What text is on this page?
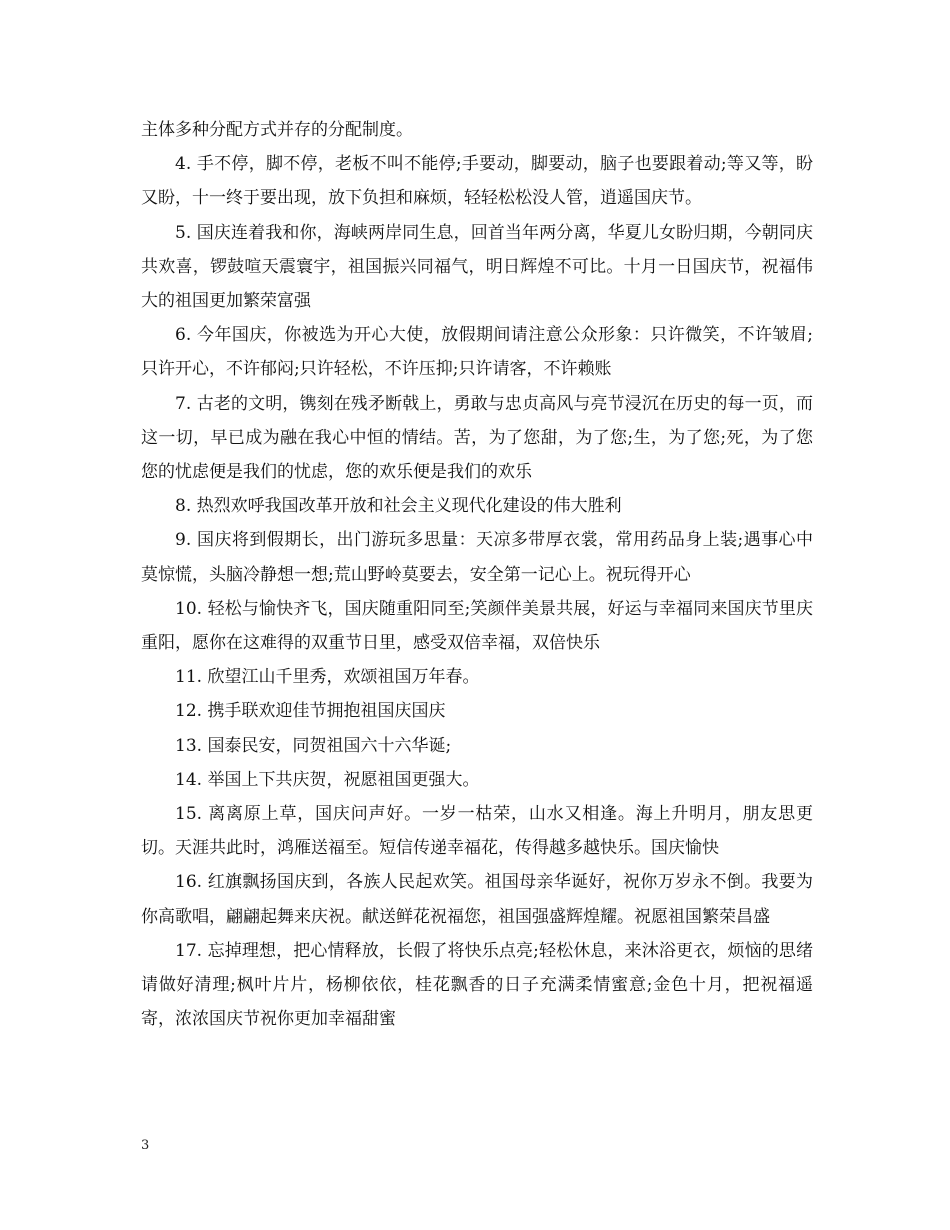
主体多种分配方式并存的分配制度。

4. 手不停，脚不停，老板不叫不能停;手要动，脚要动，脑子也要跟着动;等又等，盼又盼，十一终于要出现，放下负担和麻烦，轻轻松松没人管，逍遥国庆节。

5. 国庆连着我和你，海峡两岸同生息，回首当年两分离，华夏儿女盼归期，今朝同庆共欢喜，锣鼓喧天震寰宇，祖国振兴同福气，明日辉煌不可比。十月一日国庆节，祝福伟大的祖国更加繁荣富强

6. 今年国庆，你被选为开心大使，放假期间请注意公众形象：只许微笑，不许皱眉;只许开心，不许郁闷;只许轻松，不许压抑;只许请客，不许赖账

7. 古老的文明，镌刻在残矛断戟上，勇敢与忠贞高风与亮节浸沉在历史的每一页，而这一切，早已成为融在我心中恒的情结。苦，为了您甜，为了您;生，为了您;死，为了您您的忧虑便是我们的忧虑，您的欢乐便是我们的欢乐

8. 热烈欢呼我国改革开放和社会主义现代化建设的伟大胜利

9. 国庆将到假期长，出门游玩多思量：天凉多带厚衣裳，常用药品身上装;遇事心中莫惊慌，头脑冷静想一想;荒山野岭莫要去，安全第一记心上。祝玩得开心

10. 轻松与愉快齐飞，国庆随重阳同至;笑颜伴美景共展，好运与幸福同来国庆节里庆重阳，愿你在这难得的双重节日里，感受双倍幸福，双倍快乐

11. 欣望江山千里秀，欢颂祖国万年春。

12. 携手联欢迎佳节拥抱祖国庆国庆

13. 国泰民安，同贺祖国六十六华诞;

14. 举国上下共庆贺，祝愿祖国更强大。

15. 离离原上草，国庆问声好。一岁一枯荣，山水又相逢。海上升明月，朋友思更切。天涯共此时，鸿雁送福至。短信传递幸福花，传得越多越快乐。国庆愉快

16. 红旗飘扬国庆到，各族人民起欢笑。祖国母亲华诞好，祝你万岁永不倒。我要为你高歌唱，翩翩起舞来庆祝。献送鲜花祝福您，祖国强盛辉煌耀。祝愿祖国繁荣昌盛

17. 忘掉理想，把心情释放，长假了将快乐点亮;轻松休息，来沐浴更衣，烦恼的思绪请做好清理;枫叶片片，杨柳依依，桂花飘香的日子充满柔情蜜意;金色十月，把祝福遥寄，浓浓国庆节祝你更加幸福甜蜜

3
